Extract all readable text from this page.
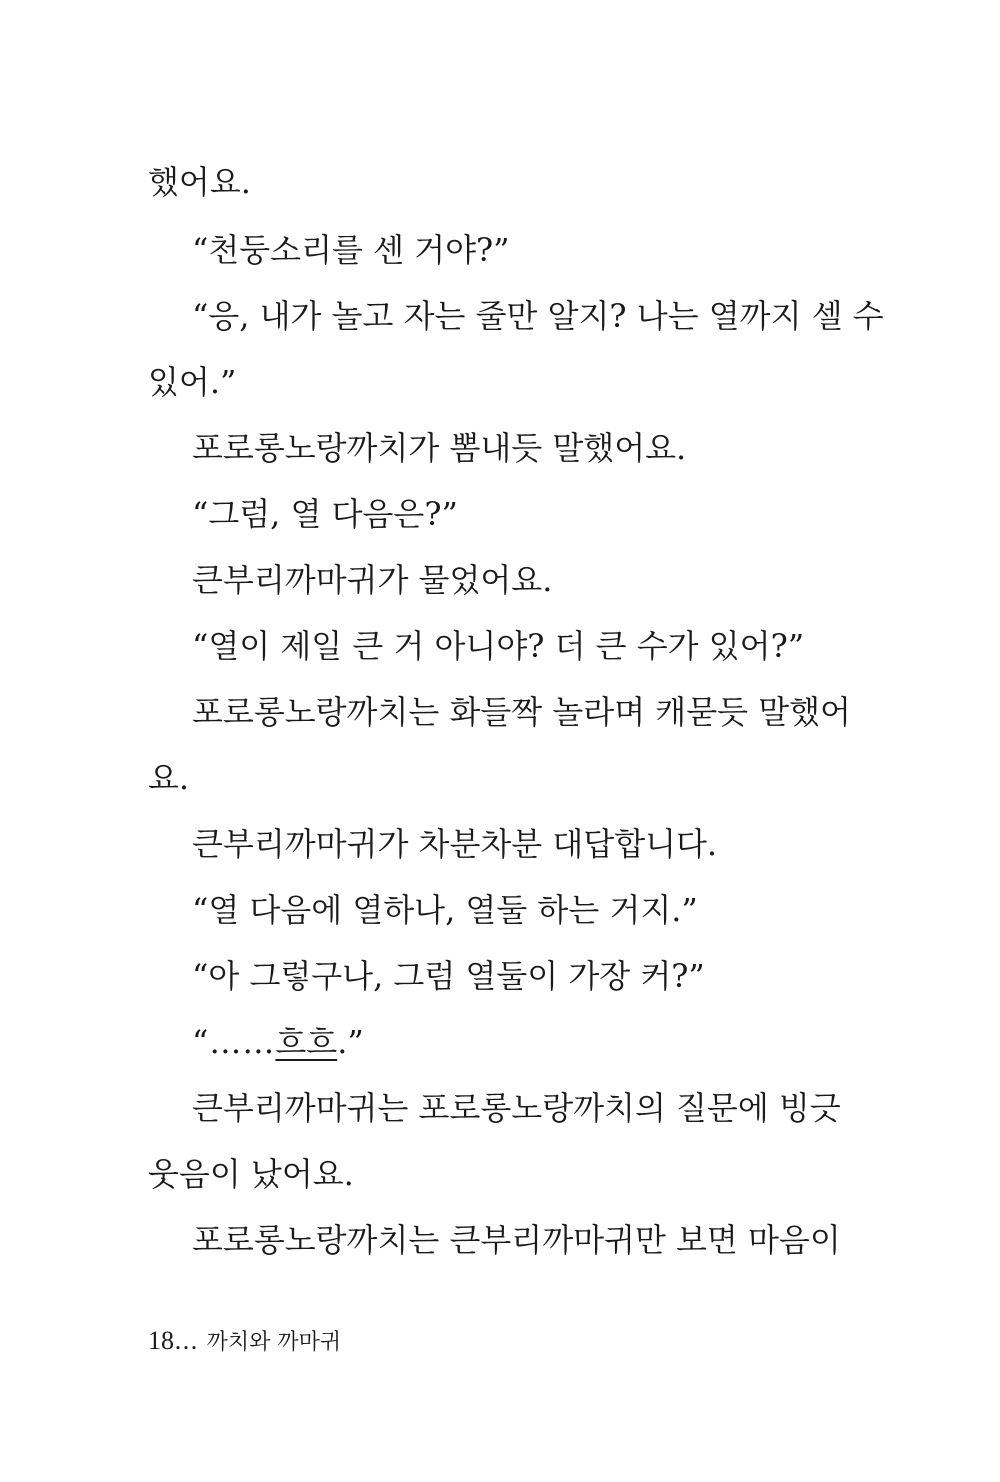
했어요.
“천둥소리를 센 거야?”
“응, 내가 놀고 자는 줄만 알지? 나는 열까지 셀 수
있어.”
포로롱노랑까치가 뽐내듯 말했어요.
“그럼, 열 다음은?”
큰부리까마귀가 물었어요.
“열이 제일 큰 거 아니야? 더 큰 수가 있어?”
포로롱노랑까치는 화들짝 놀라며 캐묻듯 말했어
요.
큰부리까마귀가 차분차분 대답합니다.
“열 다음에 열하나, 열둘 하는 거지.”
“아 그렇구나, 그럼 열둘이 가장 커?”
“……흐흐.”
큰부리까마귀는 포로롱노랑까치의 질문에 빙긋
웃음이 났어요.
포로롱노랑까치는 큰부리까마귀만 보면 마음이
18… 까치와 까마귀
